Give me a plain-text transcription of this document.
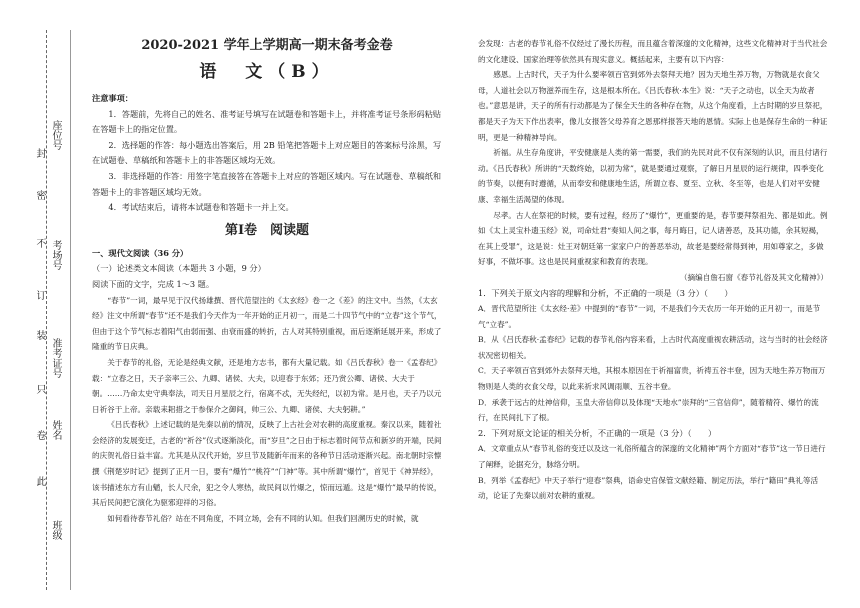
座位号
封
密
考场号
不
订
准考证号
装
只
姓名
卷
此
班级

2020-2021 学年上学期高一期末备考金卷

语　文（B）

注意事项：

1．答题前，先将自己的姓名、准考证号填写在试题卷和答题卡上，并将准考证号条形码粘贴在答题卡上的指定位置。

2．选择题的作答：每小题选出答案后，用 2B 铅笔把答题卡上对应题目的答案标号涂黑，写在试题卷、草稿纸和答题卡上的非答题区域均无效。

3．非选择题的作答：用签字笔直接答在答题卡上对应的答题区域内。写在试题卷、草稿纸和答题卡上的非答题区域均无效。

4．考试结束后，请将本试题卷和答题卡一并上交。

第Ⅰ卷　阅读题

一、现代文阅读（36 分）

（一）论述类文本阅读（本题共 3 小题，9 分）

阅读下面的文字，完成 1～3 题。

“春节”一词，最早见于汉代扬雄撰、晋代范望注的《太玄经》卷一之《差》的注文中。当然，《太玄经》注文中所谓“春节”还不是我们今天作为一年开始的正月初一，而是二十四节气中的“立春”这个节气，但由于这个节气标志着阳气由弱而强、由衰而盛的转折，古人对其特别重视，而后逐渐延展开来，形成了隆重的节日庆典。

关于春节的礼俗，无论是经典文献，还是地方志书，都有大量记载。如《吕氏春秋》卷一《孟春纪》载：“立春之日，天子亲率三公、九卿、诸侯、大夫，以迎春于东郊；还乃赏公卿、诸侯、大夫于朝。……乃命太史守典奉法，司天日月星辰之行，宿离不忒，无失经纪，以初为常。是月也，天子乃以元日祈谷于上帝。亲载耒耜措之于参保介之御间，帅三公、九卿、诸侯、大夫躬耕。”

《吕氏春秋》上述记载的是先秦以前的情况，反映了上古社会对农耕的高度重视。秦汉以来，随着社会经济的发展变迁，古老的“祈谷”仪式逐渐淡化，而“岁旦”之日由于标志着时间节点和新岁的开端，民间的庆贺礼俗日益丰富。尤其是从汉代开始，岁旦节及随新年而来的各种节日活动逐渐兴起。南北朝时宗懔撰《荆楚岁时记》提到了正月一日，要有“爆竹”“桃符”“门神”等。其中所谓“爆竹”，首见于《神异经》，该书描述东方有山魈，长人尺余，犯之令人寒热，故民间以竹爆之，惊而远遁。这是“爆竹”最早的传说，其后民间把它演化为驱邪迎祥的习俗。

如何看待春节礼俗？站在不同角度，不同立场，会有不同的认知。但我们回溯历史的时候，就

会发现：古老的春节礼俗不仅经过了漫长历程，而且蕴含着深邃的文化精神，这些文化精神对于当代社会的文化建设、国家治理等依然具有现实意义。概括起来，主要有以下内容：

感恩。上古时代，天子为什么要率领百官到郊外去祭拜天地？因为天地生养万物，万物就是衣食父母，人道社会以万物滋养而生存，这是根本所在。《吕氏春秋·本生》说：“天子之动也，以全天为故者也。”意思是讲，天子的所有行动都是为了保全天生的各种存在物，从这个角度看，上古时期的岁旦祭祀，都是天子为天下作出表率，像儿女报答父母养育之恩那样报答天地的恩情。实际上也是保存生命的一种证明，更是一种精神导向。

祈福。从生存角度讲，平安健康是人类的第一需要，我们的先民对此不仅有深刻的认识，而且付诸行动。《吕氏春秋》所讲的“天数终始，以初为常”，就是要通过观察，了解日月星辰的运行规律，四季变化的节奏，以便有时遵循，从而奉安和健康地生活，所谓立春、夏至、立秋、冬至等，也是人们对平安健康、幸福生活渴望的体现。

尽孝。古人在祭祀的时候，要有过程，经历了“爆竹”，更重要的是，春节要拜祭祖先、都是如此。例如《太上灵宝朴遗玉经》说，司命灶君“奏知人间之事，每月晦日，记人诸善恶，及其功德，余其短褐，在其上受罪”，这是说：灶王对朝廷第一家家户户的善恶举动，故老是要经常得到神，用如尊家之，多做好事，不做坏事。这也是民间重视家和教育的表现。

（摘编自詹石窗《春节礼俗及其文化精神》）

1．下列关于原文内容的理解和分析，不正确的一项是（3 分）（　　）

A．晋代范望所注《太玄经·差》中提到的“春节”一词，不是我们今天农历一年开始的正月初一，而是节气“立春”。

B．从《吕氏春秋·孟春纪》记载的春节礼俗内容来看，上古时代高度重视农耕活动，这与当时的社会经济状况密切相关。

C．天子率领百官到郊外去祭拜天地，其根本原因在于祈福富贵，祈祷五谷丰登，因为天地生养万物而万物则是人类的衣食父母，以此来祈求风调雨顺、五谷丰登。

D．承袭于远古的灶神信仰，玉皇大帝信仰以及体现“天地水”崇拜的“三官信仰”，随着精符、爆竹的流行，在民间扎下了根。

2．下列对原文论证的相关分析，不正确的一项是（3 分）（　　）

A．文章重点从“春节礼俗的变迁以及这一礼俗所蕴含的深邃的文化精神”两个方面对“春节”这一节日进行了阐释，论据充分，脉络分明。

B．列举《孟春纪》中天子举行“迎春”祭典，语命史官保管文献经籍、制定历法，举行“籍田”典礼等活动，论证了先秦以前对农耕的重视。
